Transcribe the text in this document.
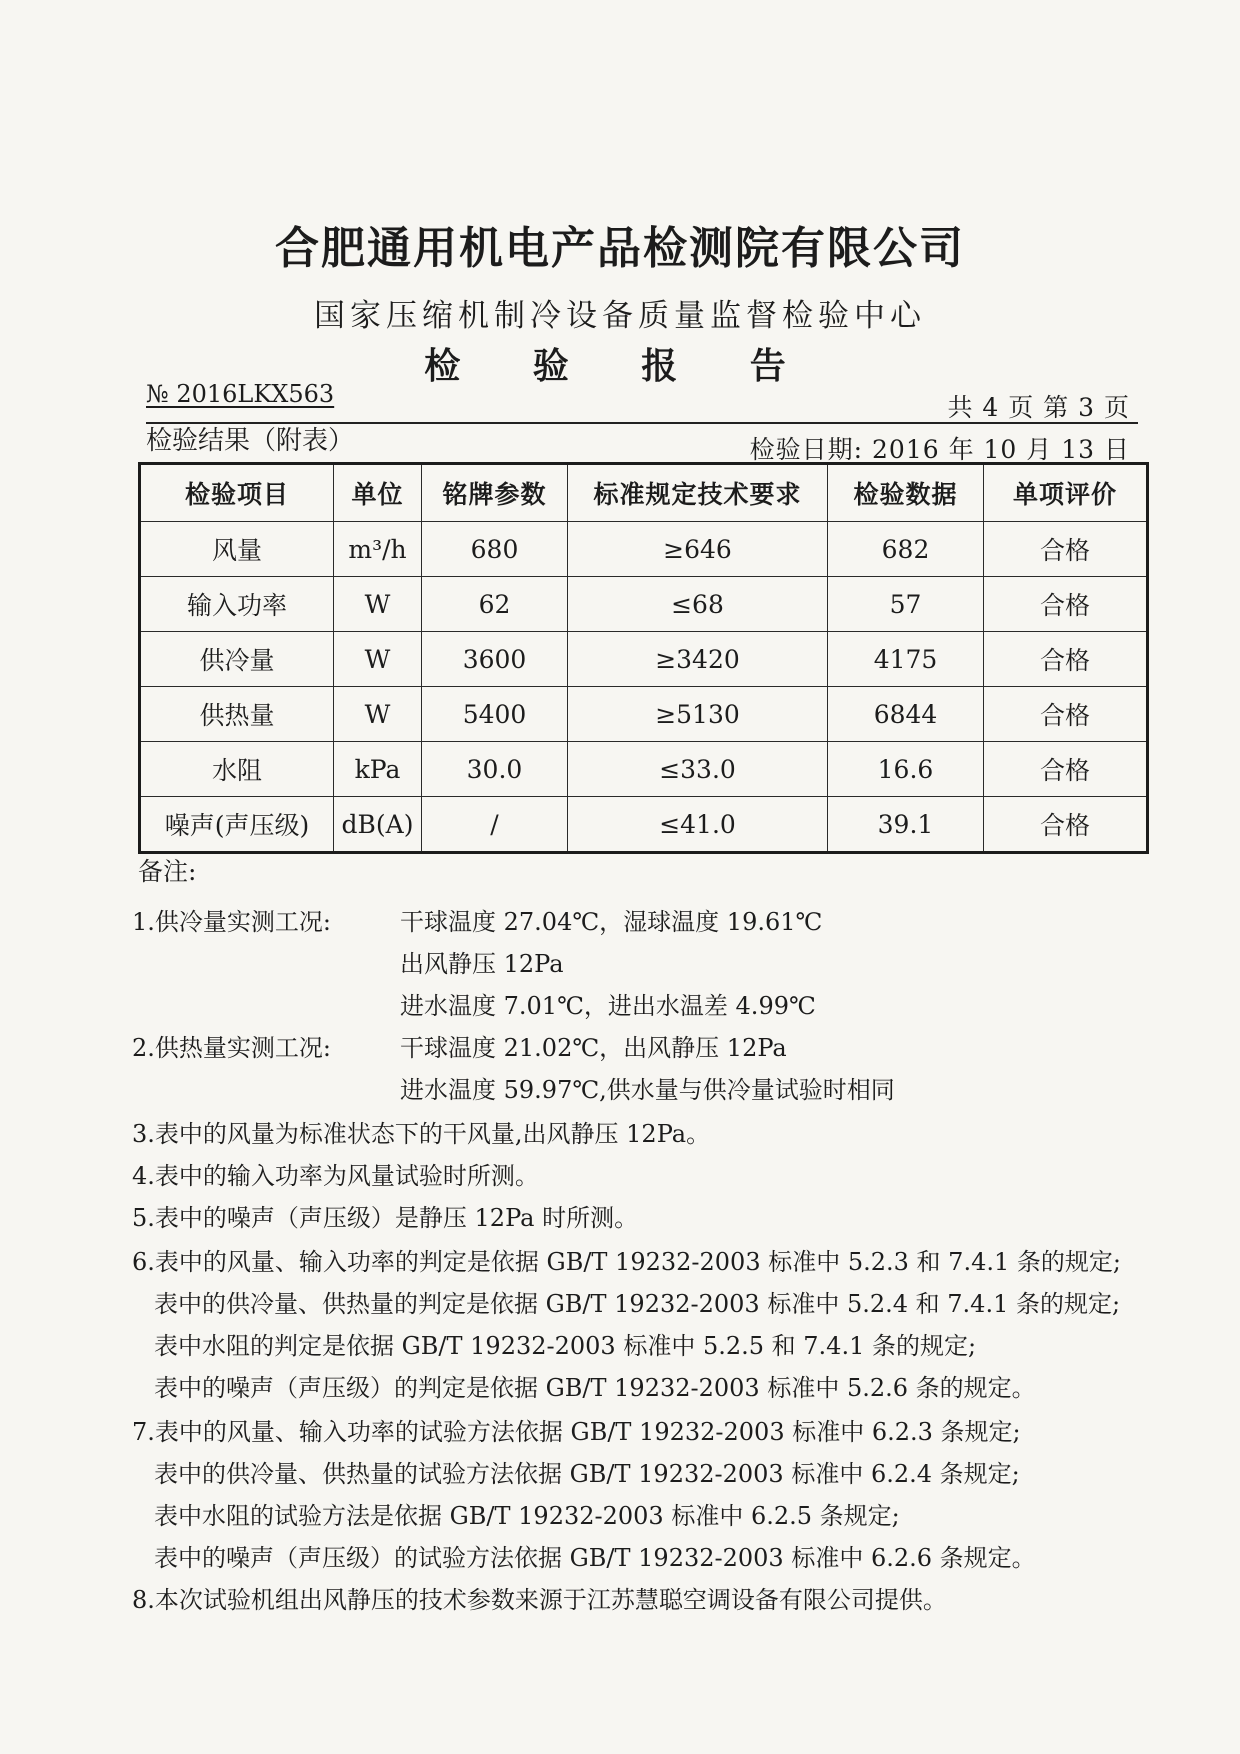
合肥通用机电产品检测院有限公司
国家压缩机制冷设备质量监督检验中心
检 验 报 告
№ 2016LKX563	共 4 页 第 3 页
检验结果（附表）	检验日期: 2016 年 10 月 13 日
检验项目	单位	铭牌参数	标准规定技术要求	检验数据	单项评价
风量	m³/h	680	≥646	682	合格
输入功率	W	62	≤68	57	合格
供冷量	W	3600	≥3420	4175	合格
供热量	W	5400	≥5130	6844	合格
水阻	kPa	30.0	≤33.0	16.6	合格
噪声(声压级)	dB(A)	/	≤41.0	39.1	合格
备注:
1.供冷量实测工况:	干球温度 27.04℃，湿球温度 19.61℃
出风静压 12Pa
进水温度 7.01℃，进出水温差 4.99℃
2.供热量实测工况:	干球温度 21.02℃，出风静压 12Pa
进水温度 59.97℃,供水量与供冷量试验时相同
3.表中的风量为标准状态下的干风量,出风静压 12Pa。
4.表中的输入功率为风量试验时所测。
5.表中的噪声（声压级）是静压 12Pa 时所测。
6.表中的风量、输入功率的判定是依据 GB/T 19232-2003 标准中 5.2.3 和 7.4.1 条的规定;
表中的供冷量、供热量的判定是依据 GB/T 19232-2003 标准中 5.2.4 和 7.4.1 条的规定;
表中水阻的判定是依据 GB/T 19232-2003 标准中 5.2.5 和 7.4.1 条的规定;
表中的噪声（声压级）的判定是依据 GB/T 19232-2003 标准中 5.2.6 条的规定。
7.表中的风量、输入功率的试验方法依据 GB/T 19232-2003 标准中 6.2.3 条规定;
表中的供冷量、供热量的试验方法依据 GB/T 19232-2003 标准中 6.2.4 条规定;
表中水阻的试验方法是依据 GB/T 19232-2003 标准中 6.2.5 条规定;
表中的噪声（声压级）的试验方法依据 GB/T 19232-2003 标准中 6.2.6 条规定。
8.本次试验机组出风静压的技术参数来源于江苏慧聪空调设备有限公司提供。
